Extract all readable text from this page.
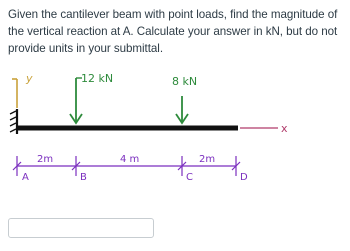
Given the cantilever beam with point loads, find the magnitude of the vertical reaction at A. Calculate your answer in kN, but do not provide units in your submittal.
y
x
12 kN	8 kN
2m	4 m	2m
A	B	C	D
